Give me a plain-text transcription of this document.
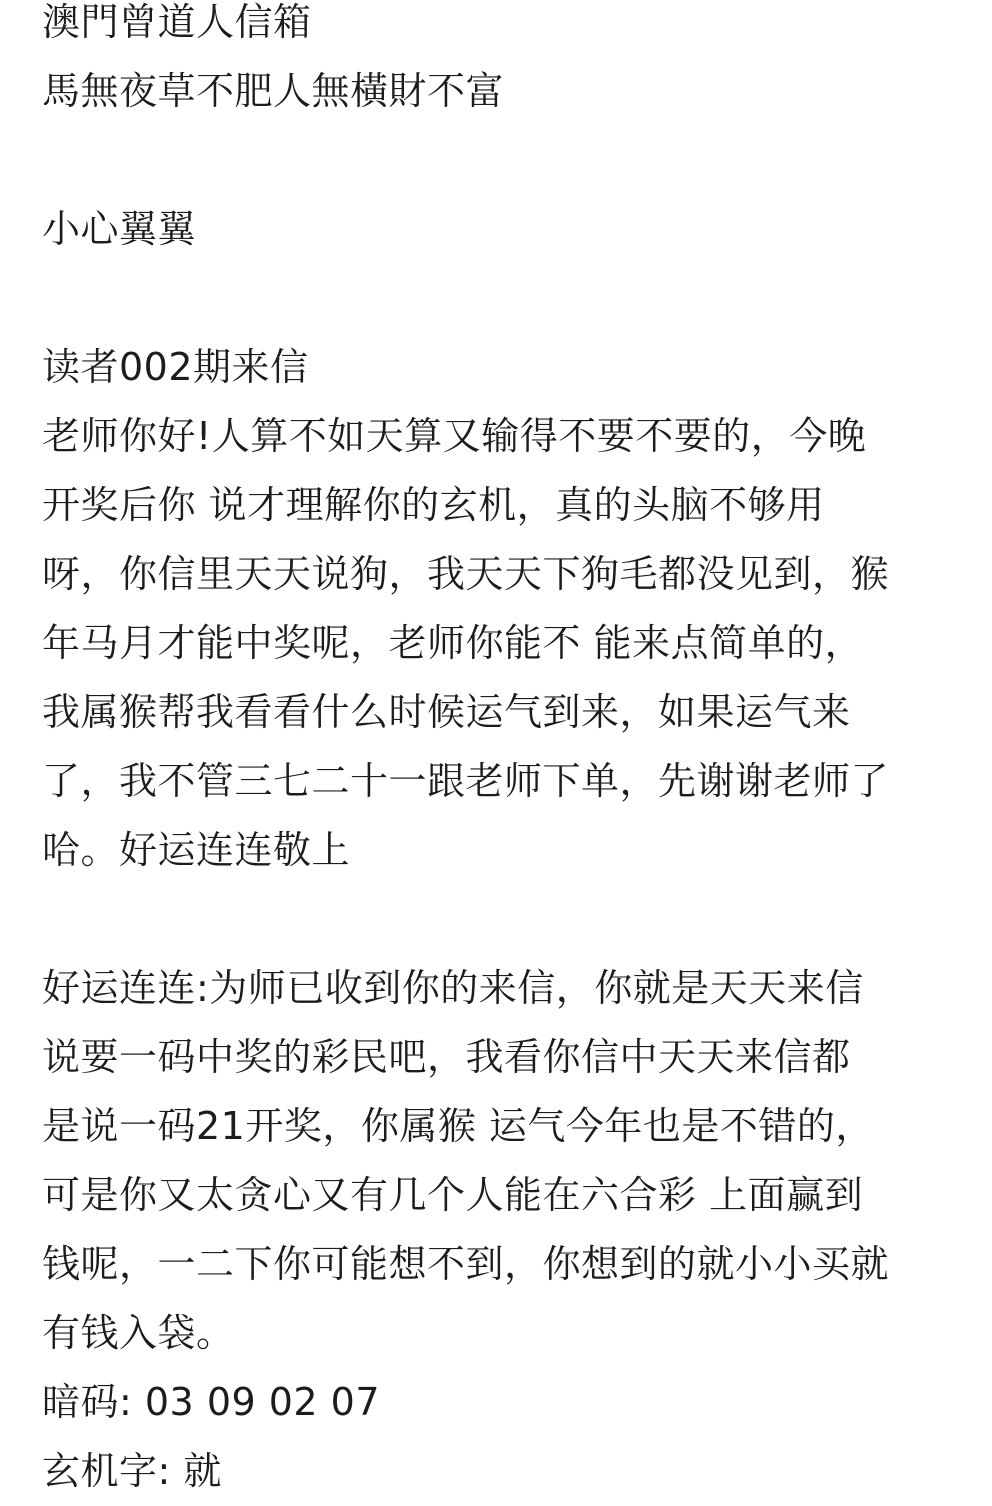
澳門曾道人信箱
馬無夜草不肥人無橫財不富
小心翼翼
读者002期来信
老师你好!人算不如天算又输得不要不要的，今晚
开奖后你 说才理解你的玄机，真的头脑不够用
呀，你信里天天说狗，我天天下狗毛都没见到，猴
年马月才能中奖呢，老师你能不 能来点简单的，
我属猴帮我看看什么时候运气到来，如果运气来
了，我不管三七二十一跟老师下单，先谢谢老师了
哈。好运连连敬上
好运连连:为师已收到你的来信，你就是天天来信
说要一码中奖的彩民吧，我看你信中天天来信都
是说一码21开奖，你属猴 运气今年也是不错的，
可是你又太贪心又有几个人能在六合彩 上面赢到
钱呢，一二下你可能想不到，你想到的就小小买就
有钱入袋。
暗码: 03 09 02 07
玄机字: 就
